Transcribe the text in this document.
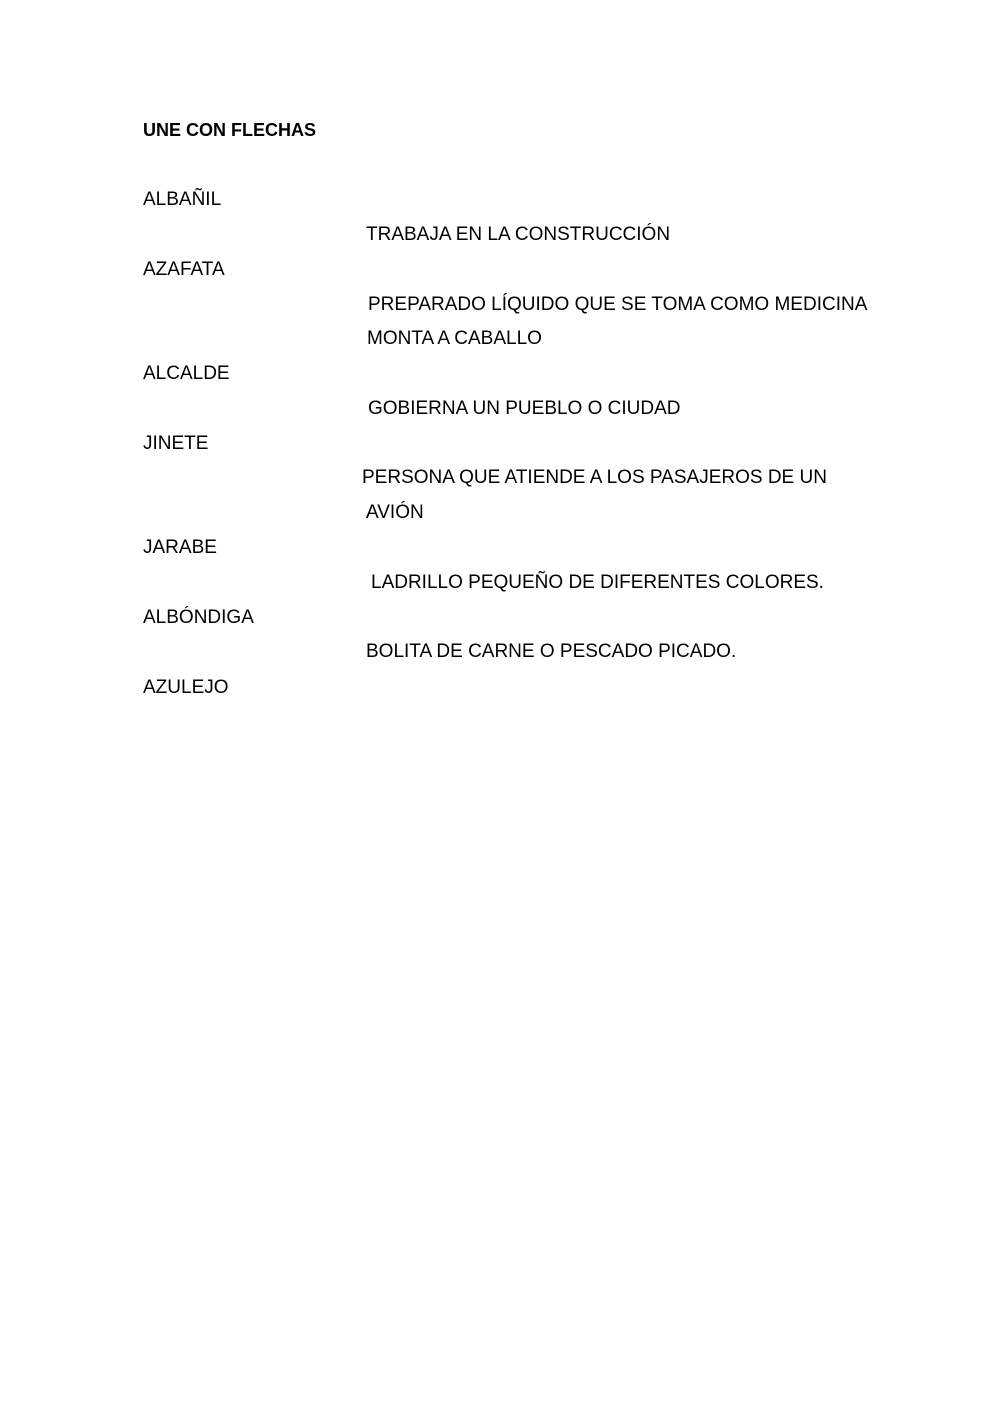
UNE CON FLECHAS
ALBAÑIL
AZAFATA
ALCALDE
JINETE
JARABE
ALBÓNDIGA
AZULEJO
TRABAJA EN LA CONSTRUCCIÓN
PREPARADO LÍQUIDO QUE SE TOMA COMO MEDICINA
MONTA A CABALLO
GOBIERNA UN PUEBLO O CIUDAD
PERSONA QUE ATIENDE A LOS PASAJEROS DE UN
AVIÓN
LADRILLO PEQUEÑO DE DIFERENTES COLORES.
BOLITA DE CARNE O PESCADO PICADO.
